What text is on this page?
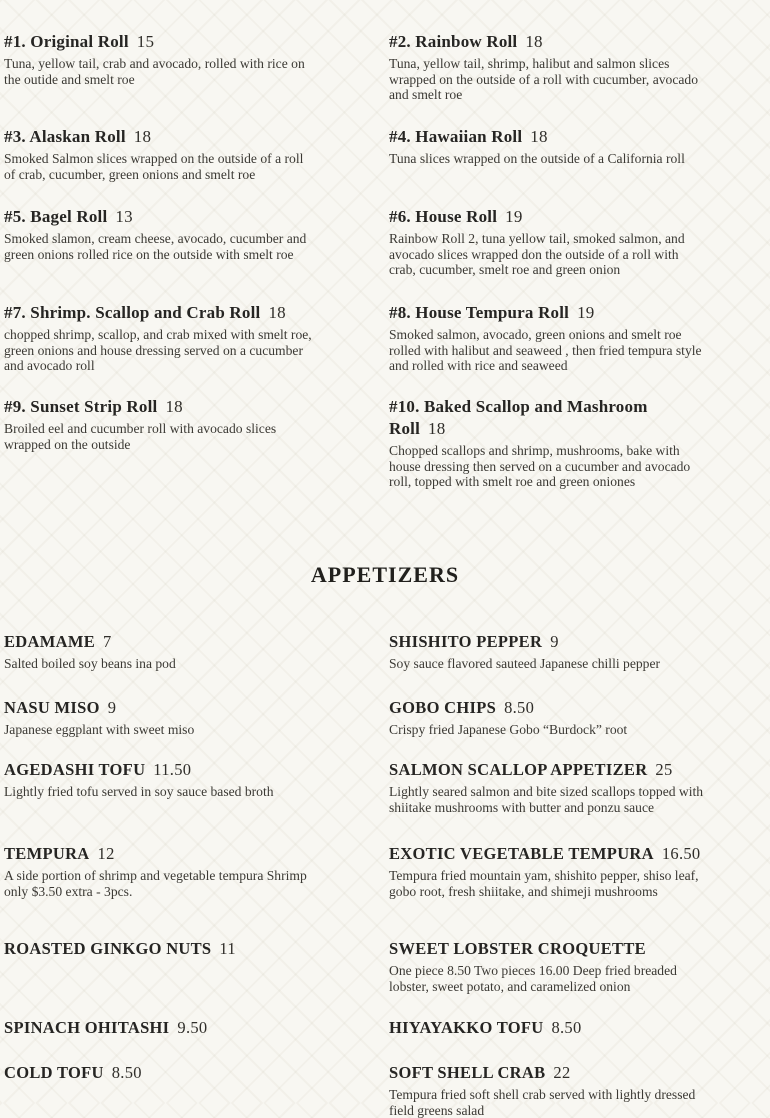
#1. Original Roll 15

Tuna, yellow tail, crab and avocado, rolled with rice on the outide and smelt roe

#2. Rainbow Roll 18

Tuna, yellow tail, shrimp, halibut and salmon slices wrapped on the outside of a roll with cucumber, avocado and smelt roe

#3. Alaskan Roll 18

Smoked Salmon slices wrapped on the outside of a roll of crab, cucumber, green onions and smelt roe

#4. Hawaiian Roll 18

Tuna slices wrapped on the outside of a California roll

#5. Bagel Roll 13

Smoked slamon, cream cheese, avocado, cucumber and green onions rolled rice on the outside with smelt roe

#6. House Roll 19

Rainbow Roll 2, tuna yellow tail, smoked salmon, and avocado slices wrapped don the outside of a roll with crab, cucumber, smelt roe and green onion

#7. Shrimp. Scallop and Crab Roll 18

chopped shrimp, scallop, and crab mixed with smelt roe, green onions and house dressing served on a cucumber and avocado roll

#8. House Tempura Roll 19

Smoked salmon, avocado, green onions and smelt roe rolled with halibut and seaweed , then fried tempura style and rolled with rice and seaweed

#9. Sunset Strip Roll 18

Broiled eel and cucumber roll with avocado slices wrapped on the outside

#10. Baked Scallop and Mashroom Roll 18

Chopped scallops and shrimp, mushrooms, bake with house dressing then served on a cucumber and avocado roll, topped with smelt roe and green oniones

APPETIZERS
EDAMAME 7

Salted boiled soy beans ina pod

SHISHITO PEPPER 9

Soy sauce flavored sauteed Japanese chilli pepper

NASU MISO 9

Japanese eggplant with sweet miso

GOBO CHIPS 8.50

Crispy fried Japanese Gobo “Burdock” root

AGEDASHI TOFU 11.50

Lightly fried tofu served in soy sauce based broth

SALMON SCALLOP APPETIZER 25

Lightly seared salmon and bite sized scallops topped with shiitake mushrooms with butter and ponzu sauce

TEMPURA 12

A side portion of shrimp and vegetable tempura Shrimp only $3.50 extra - 3pcs.

EXOTIC VEGETABLE TEMPURA 16.50

Tempura fried mountain yam, shishito pepper, shiso leaf, gobo root, fresh shiitake, and shimeji mushrooms

ROASTED GINKGO NUTS 11	SWEET LOBSTER CROQUETTE

One piece 8.50 Two pieces 16.00 Deep fried breaded lobster, sweet potato, and caramelized onion

SPINACH OHITASHI 9.50	HIYAYAKKO TOFU 8.50

COLD TOFU 8.50	SOFT SHELL CRAB 22

Tempura fried soft shell crab served with lightly dressed field greens salad
